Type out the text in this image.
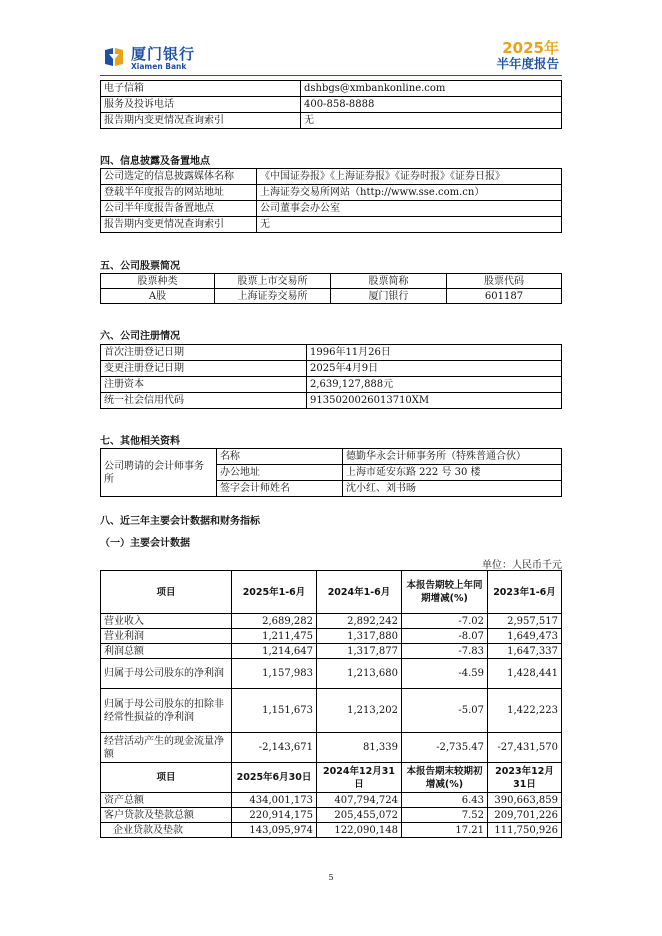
厦门银行
Xiamen Bank
2025年
半年度报告
电子信箱	dshbgs@xmbankonline.com
服务及投诉电话	400-858-8888
报告期内变更情况查询索引	无
四、信息披露及备置地点
公司选定的信息披露媒体名称	《中国证券报》《上海证券报》《证券时报》《证券日报》
登载半年度报告的网站地址	上海证券交易所网站（http://www.sse.com.cn）
公司半年度报告备置地点	公司董事会办公室
报告期内变更情况查询索引	无
五、公司股票简况
股票种类	股票上市交易所	股票简称	股票代码
A股	上海证券交易所	厦门银行	601187
六、公司注册情况
首次注册登记日期	1996年11月26日
变更注册登记日期	2025年4月9日
注册资本	2,639,127,888元
统一社会信用代码	9135020026013710XM
七、其他相关资料
公司聘请的会计师事务所	名称	德勤华永会计师事务所（特殊普通合伙）
	办公地址	上海市延安东路 222 号 30 楼
	签字会计师姓名	沈小红、刘书旸
八、近三年主要会计数据和财务指标
（一）主要会计数据
单位：人民币千元
项目	2025年1-6月	2024年1-6月	本报告期较上年同期增减(%)	2023年1-6月
营业收入	2,689,282	2,892,242	-7.02	2,957,517
营业利润	1,211,475	1,317,880	-8.07	1,649,473
利润总额	1,214,647	1,317,877	-7.83	1,647,337
归属于母公司股东的净利润	1,157,983	1,213,680	-4.59	1,428,441
归属于母公司股东的扣除非经常性损益的净利润	1,151,673	1,213,202	-5.07	1,422,223
经营活动产生的现金流量净额	-2,143,671	81,339	-2,735.47	-27,431,570
项目	2025年6月30日	2024年12月31日	本报告期末较期初增减(%)	2023年12月31日
资产总额	434,001,173	407,794,724	6.43	390,663,859
客户贷款及垫款总额	220,914,175	205,455,072	7.52	209,701,226
企业贷款及垫款	143,095,974	122,090,148	17.21	111,750,926
5
